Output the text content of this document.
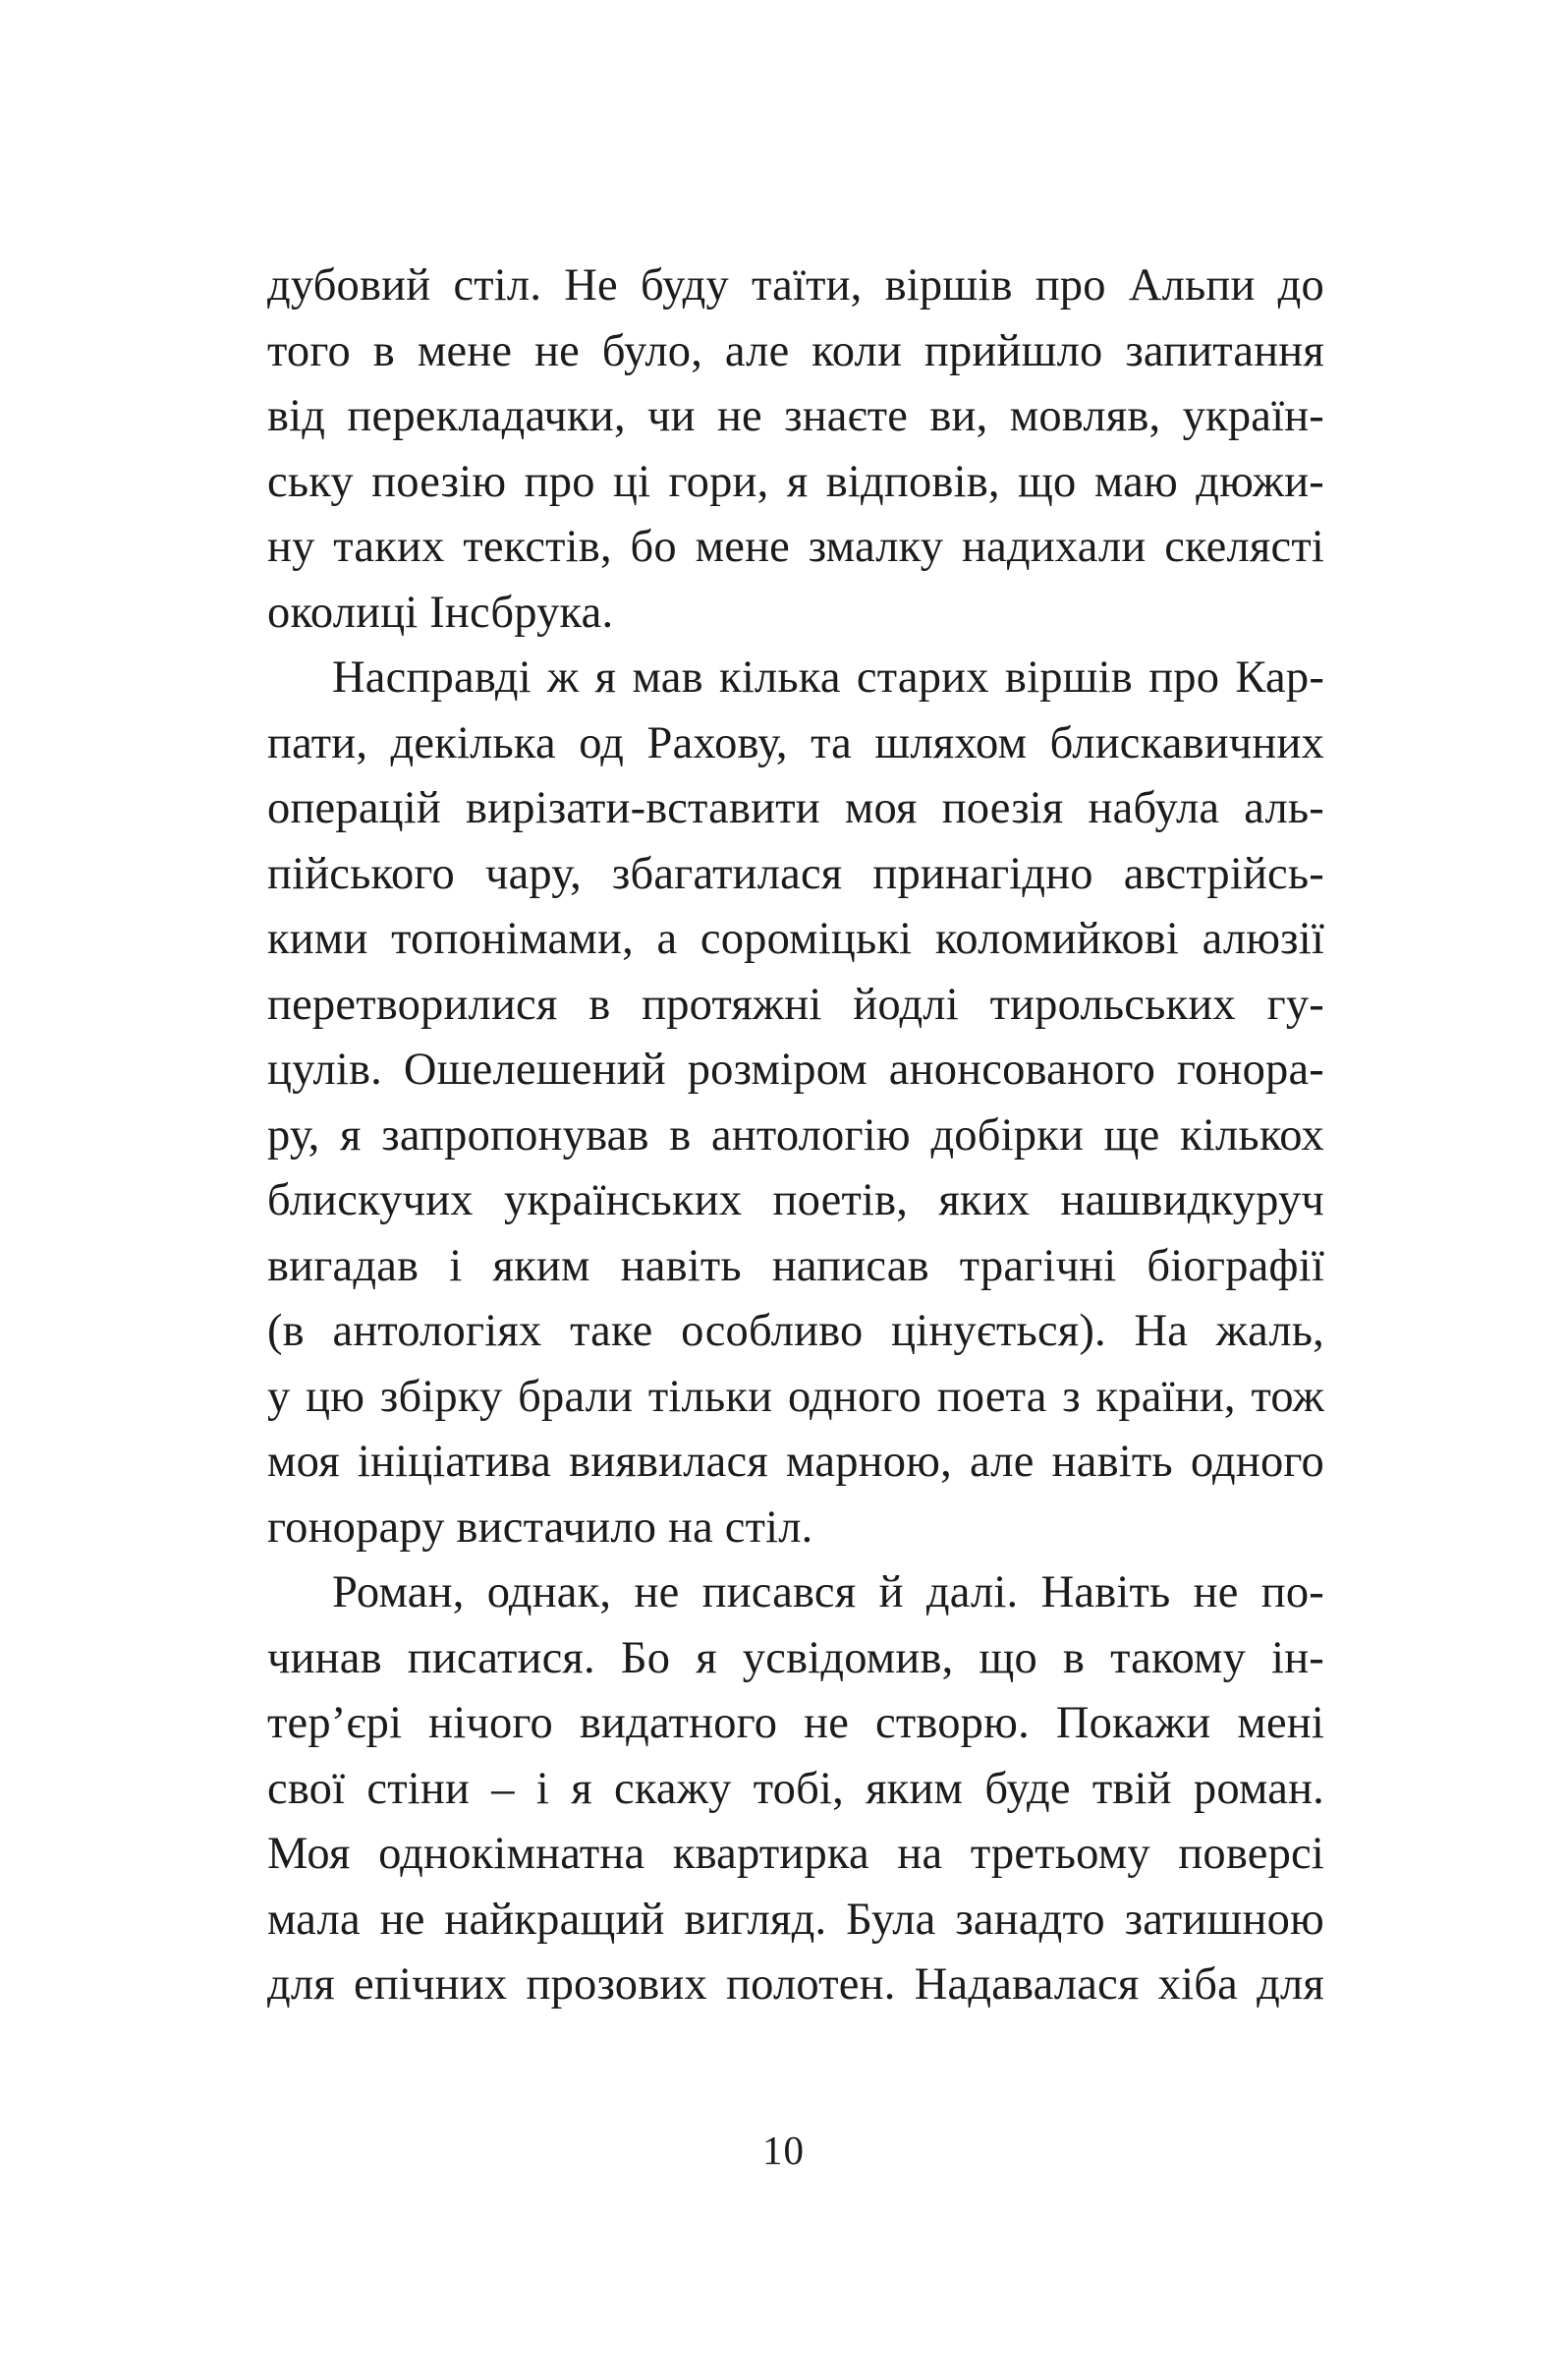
дубовий стіл. Не буду таїти, віршів про Альпи до
того в мене не було, але коли прийшло запитання
від перекладачки, чи не знаєте ви, мовляв, україн-
ську поезію про ці гори, я відповів, що маю дюжи-
ну таких текстів, бо мене змалку надихали скелясті
околиці Інсбрука.
Насправді ж я мав кілька старих віршів про Кар-
пати, декілька од Рахову, та шляхом блискавичних
операцій вирізати-вставити моя поезія набула аль-
пійського чару, збагатилася принагідно австрійсь-
кими топонімами, а сороміцькі коломийкові алюзії
перетворилися в протяжні йодлі тирольських гу-
цулів. Ошелешений розміром анонсованого гонора-
ру, я запропонував в антологію добірки ще кількох
блискучих українських поетів, яких нашвидкуруч
вигадав і яким навіть написав трагічні біографії
(в антологіях таке особливо цінується). На жаль,
у цю збірку брали тільки одного поета з країни, тож
моя ініціатива виявилася марною, але навіть одного
гонорару вистачило на стіл.
Роман, однак, не писався й далі. Навіть не по-
чинав писатися. Бо я усвідомив, що в такому ін-
тер’єрі нічого видатного не створю. Покажи мені
свої стіни – і я скажу тобі, яким буде твій роман.
Моя однокімнатна квартирка на третьому поверсі
мала не найкращий вигляд. Була занадто затишною
для епічних прозових полотен. Надавалася хіба для
10
